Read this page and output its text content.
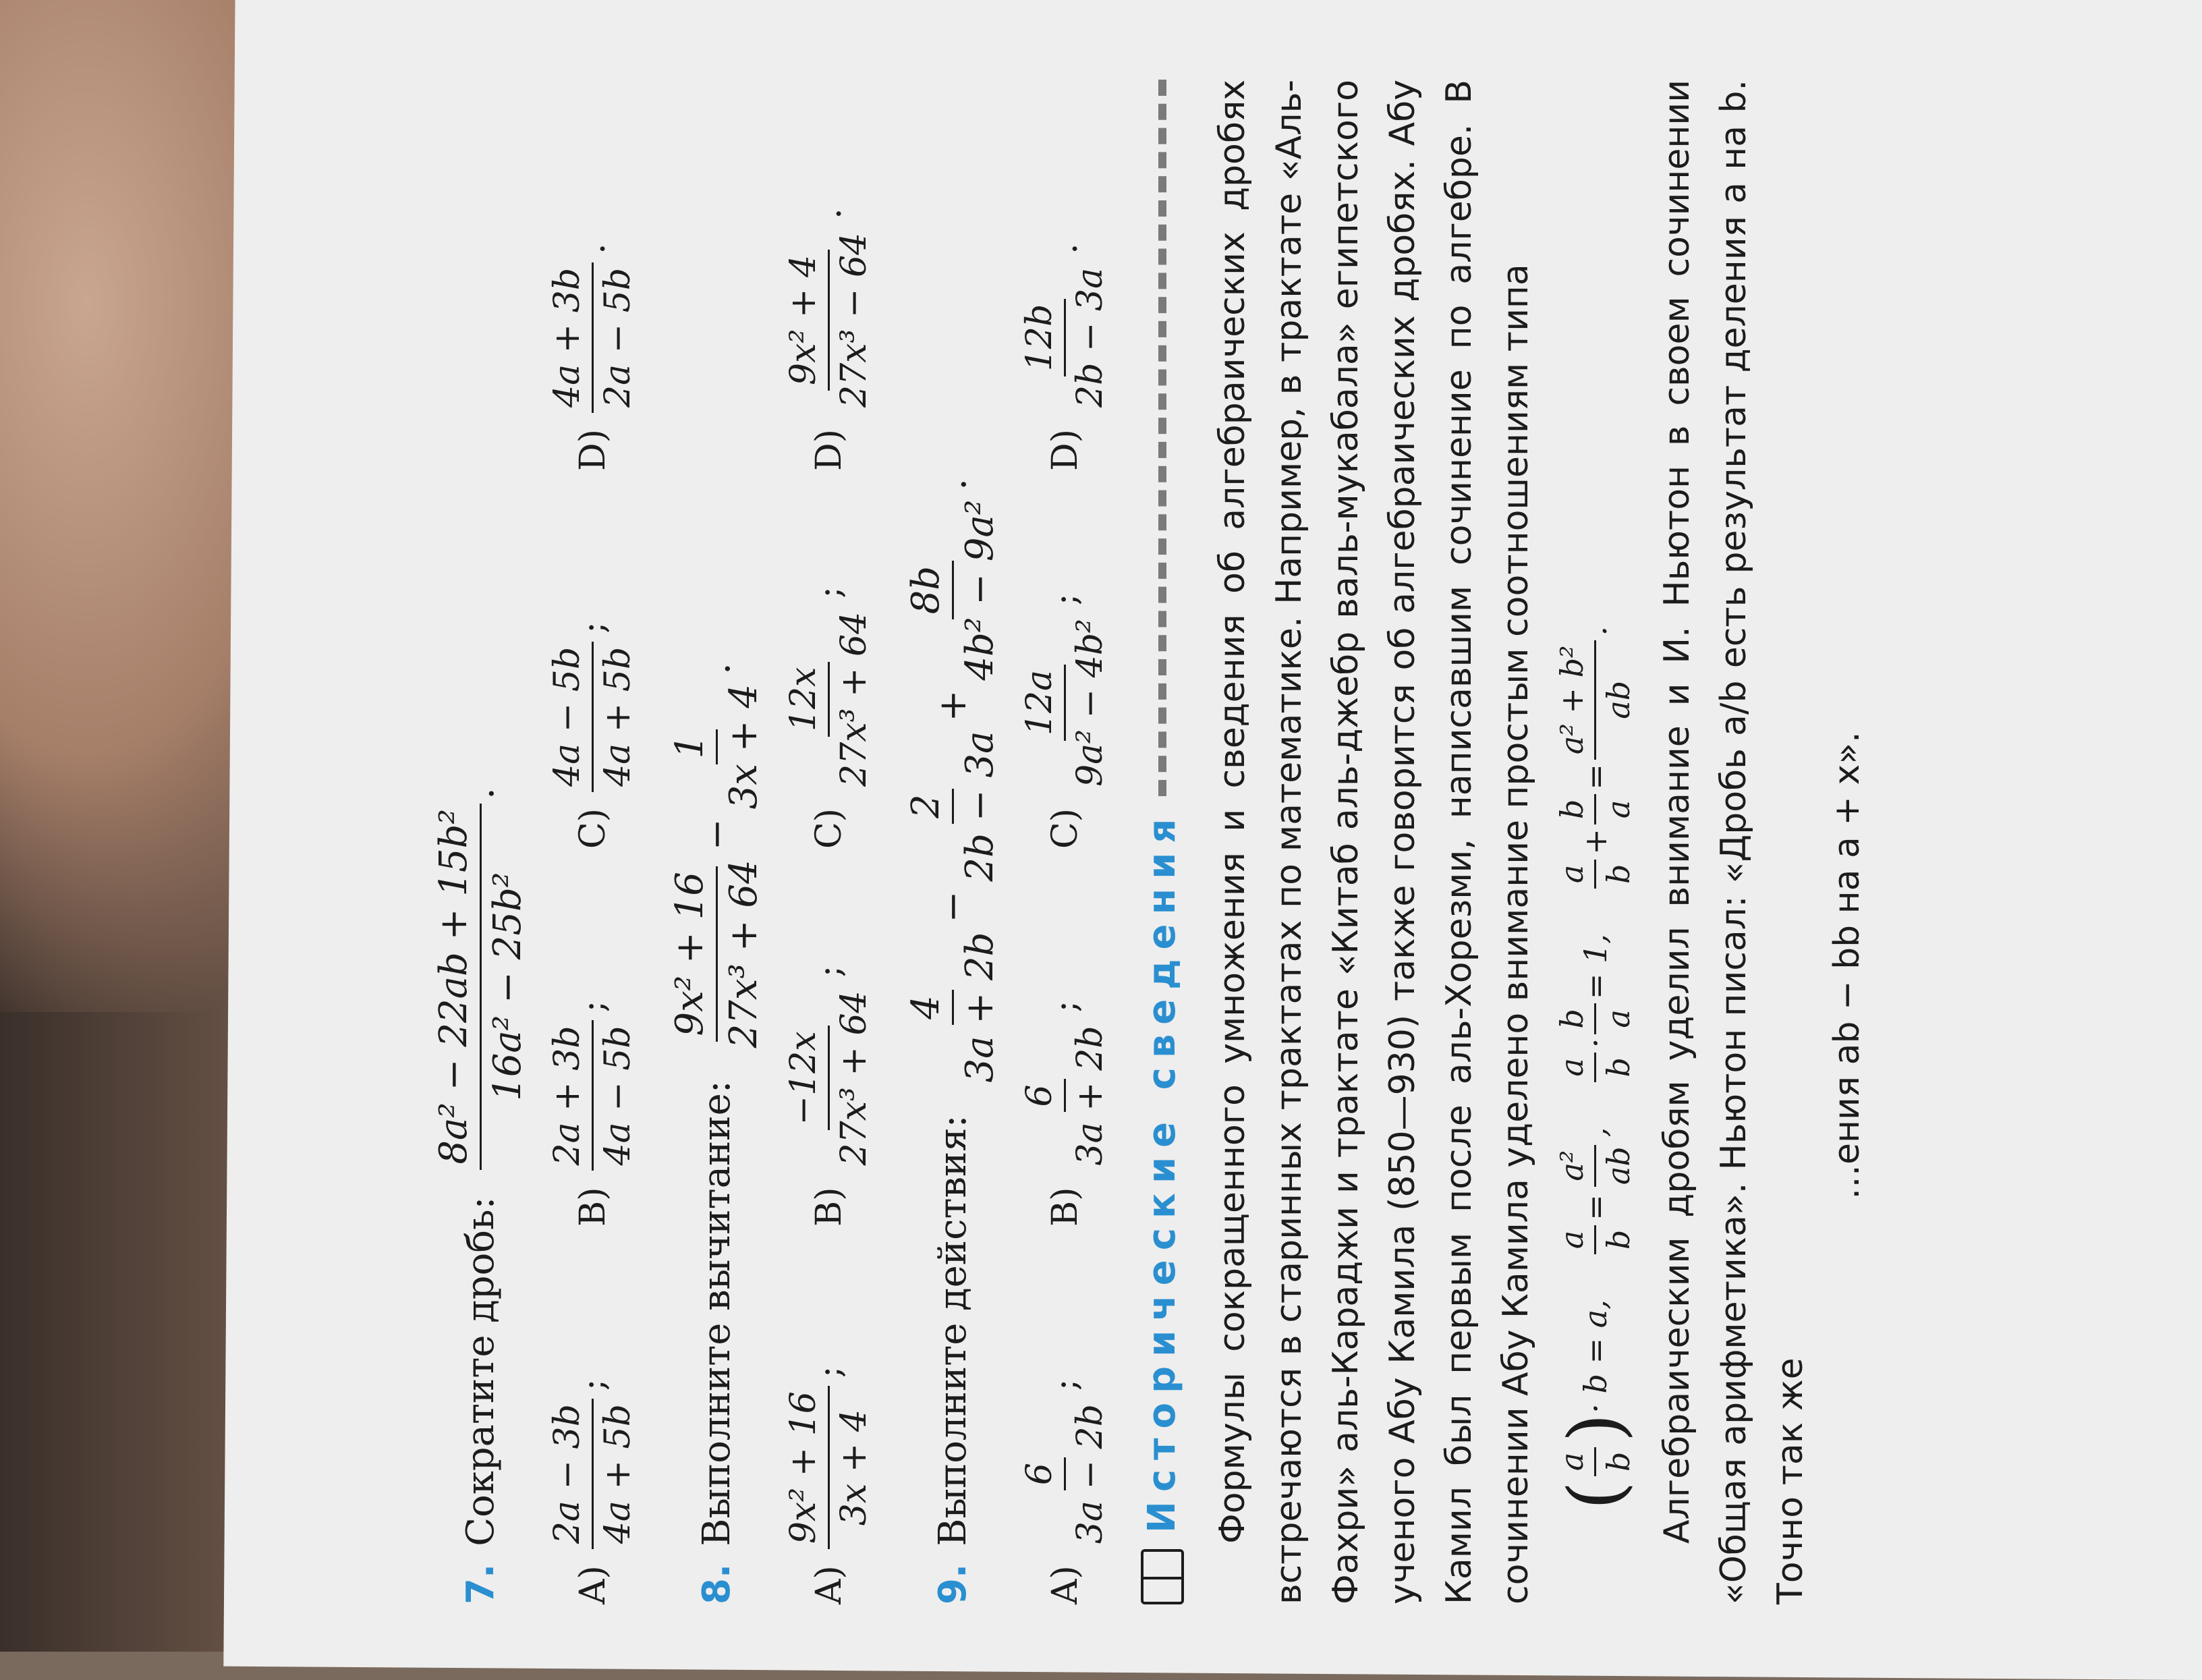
7.
Сократите дробь:
8a² − 22ab + 15b² 16a² − 25b²
.
A)
2a − 3b 4a + 5b
;
B)
2a + 3b 4a − 5b
;
C)
4a − 5b 4a + 5b
;
D)
4a + 3b 2a − 5b
.
8.
Выполните вычитание:
9x² + 16 27x³ + 64
−
1 3x + 4
.
A)
9x² + 16 3x + 4
;
B)
−12x 27x³ + 64
;
C)
12x 27x³ + 64
;
D)
9x² + 4 27x³ − 64
.
9.
Выполните действия:
4 3a + 2b
−
2 2b − 3a
+
8b 4b² − 9a²
.
A)
6 3a − 2b
;
B)
6 3a + 2b
;
C)
12a 9a² − 4b²
;
D)
12b 2b − 3a
.
Исторические сведения Формулы сокращенного умножения и сведения об алгебраических дробях встречаются в старинных трактатах по математике. Например, в трактате «Аль-Фахри» аль-Караджи и трактате «Китаб аль-джебр валь-мукабала» египетского ученого Абу Камила (850—930) также говорится об алгебраических дробях. Абу Камил был первым после аль-Хорезми, написавшим сочинение по алгебре. В сочинении Абу Камила уделено внимание простым соотношениям типа (
a b
)
· b = a,
a b
=
a² ab
,
a b
·
b a
= 1,
a b
+
b a
=
a² + b² ab
. Алгебраическим дробям уделил внимание и И. Ньютон в своем сочинении «Общая арифметика». Ньютон писал: «Дробь a/b есть результат деления a на b. Точно так же
…ения ab − bb на a + x».
